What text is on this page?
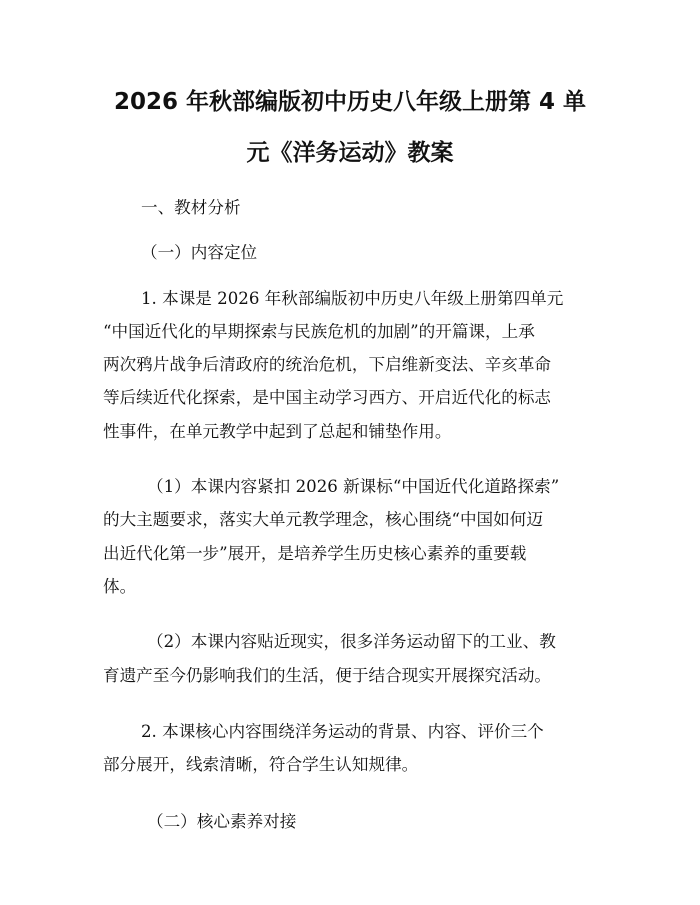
2026 年秋部编版初中历史八年级上册第 4 单
元《洋务运动》教案

一、教材分析

（一）内容定位

1. 本课是 2026 年秋部编版初中历史八年级上册第四单元

“中国近代化的早期探索与民族危机的加剧”的开篇课，上承

两次鸦片战争后清政府的统治危机，下启维新变法、辛亥革命

等后续近代化探索，是中国主动学习西方、开启近代化的标志

性事件，在单元教学中起到了总起和铺垫作用。

（1）本课内容紧扣 2026 新课标“中国近代化道路探索”

的大主题要求，落实大单元教学理念，核心围绕“中国如何迈

出近代化第一步”展开，是培养学生历史核心素养的重要载

体。

（2）本课内容贴近现实，很多洋务运动留下的工业、教

育遗产至今仍影响我们的生活，便于结合现实开展探究活动。

2. 本课核心内容围绕洋务运动的背景、内容、评价三个

部分展开，线索清晰，符合学生认知规律。

（二）核心素养对接
